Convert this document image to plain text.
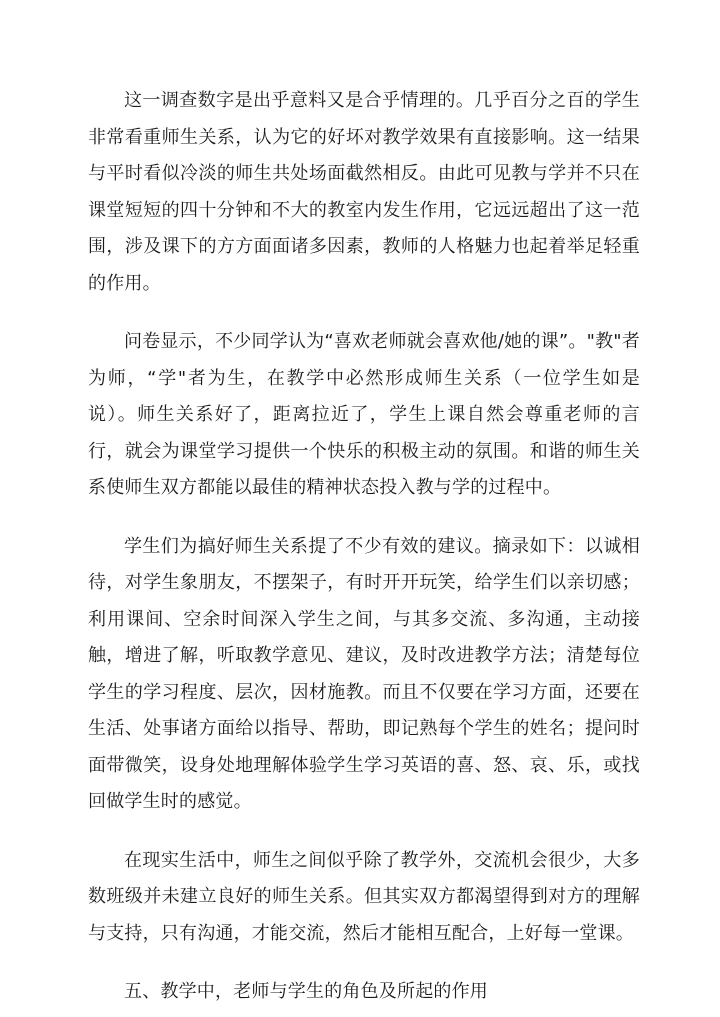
这一调查数字是出乎意料又是合乎情理的。几乎百分之百的学生非常看重师生关系，认为它的好坏对教学效果有直接影响。这一结果与平时看似冷淡的师生共处场面截然相反。由此可见教与学并不只在课堂短短的四十分钟和不大的教室内发生作用，它远远超出了这一范围，涉及课下的方方面面诸多因素，教师的人格魅力也起着举足轻重的作用。

问卷显示，不少同学认为“喜欢老师就会喜欢他/她的课”。"教"者为师，“学"者为生，在教学中必然形成师生关系（一位学生如是说）。师生关系好了，距离拉近了，学生上课自然会尊重老师的言行，就会为课堂学习提供一个快乐的积极主动的氛围。和谐的师生关系使师生双方都能以最佳的精神状态投入教与学的过程中。

学生们为搞好师生关系提了不少有效的建议。摘录如下：以诚相待，对学生象朋友，不摆架子，有时开开玩笑，给学生们以亲切感；利用课间、空余时间深入学生之间，与其多交流、多沟通，主动接触，增进了解，听取教学意见、建议，及时改进教学方法；清楚每位学生的学习程度、层次，因材施教。而且不仅要在学习方面，还要在生活、处事诸方面给以指导、帮助，即记熟每个学生的姓名；提问时面带微笑，设身处地理解体验学生学习英语的喜、怒、哀、乐，或找回做学生时的感觉。

在现实生活中，师生之间似乎除了教学外，交流机会很少，大多数班级并未建立良好的师生关系。但其实双方都渴望得到对方的理解与支持，只有沟通，才能交流，然后才能相互配合，上好每一堂课。

五、教学中，老师与学生的角色及所起的作用
